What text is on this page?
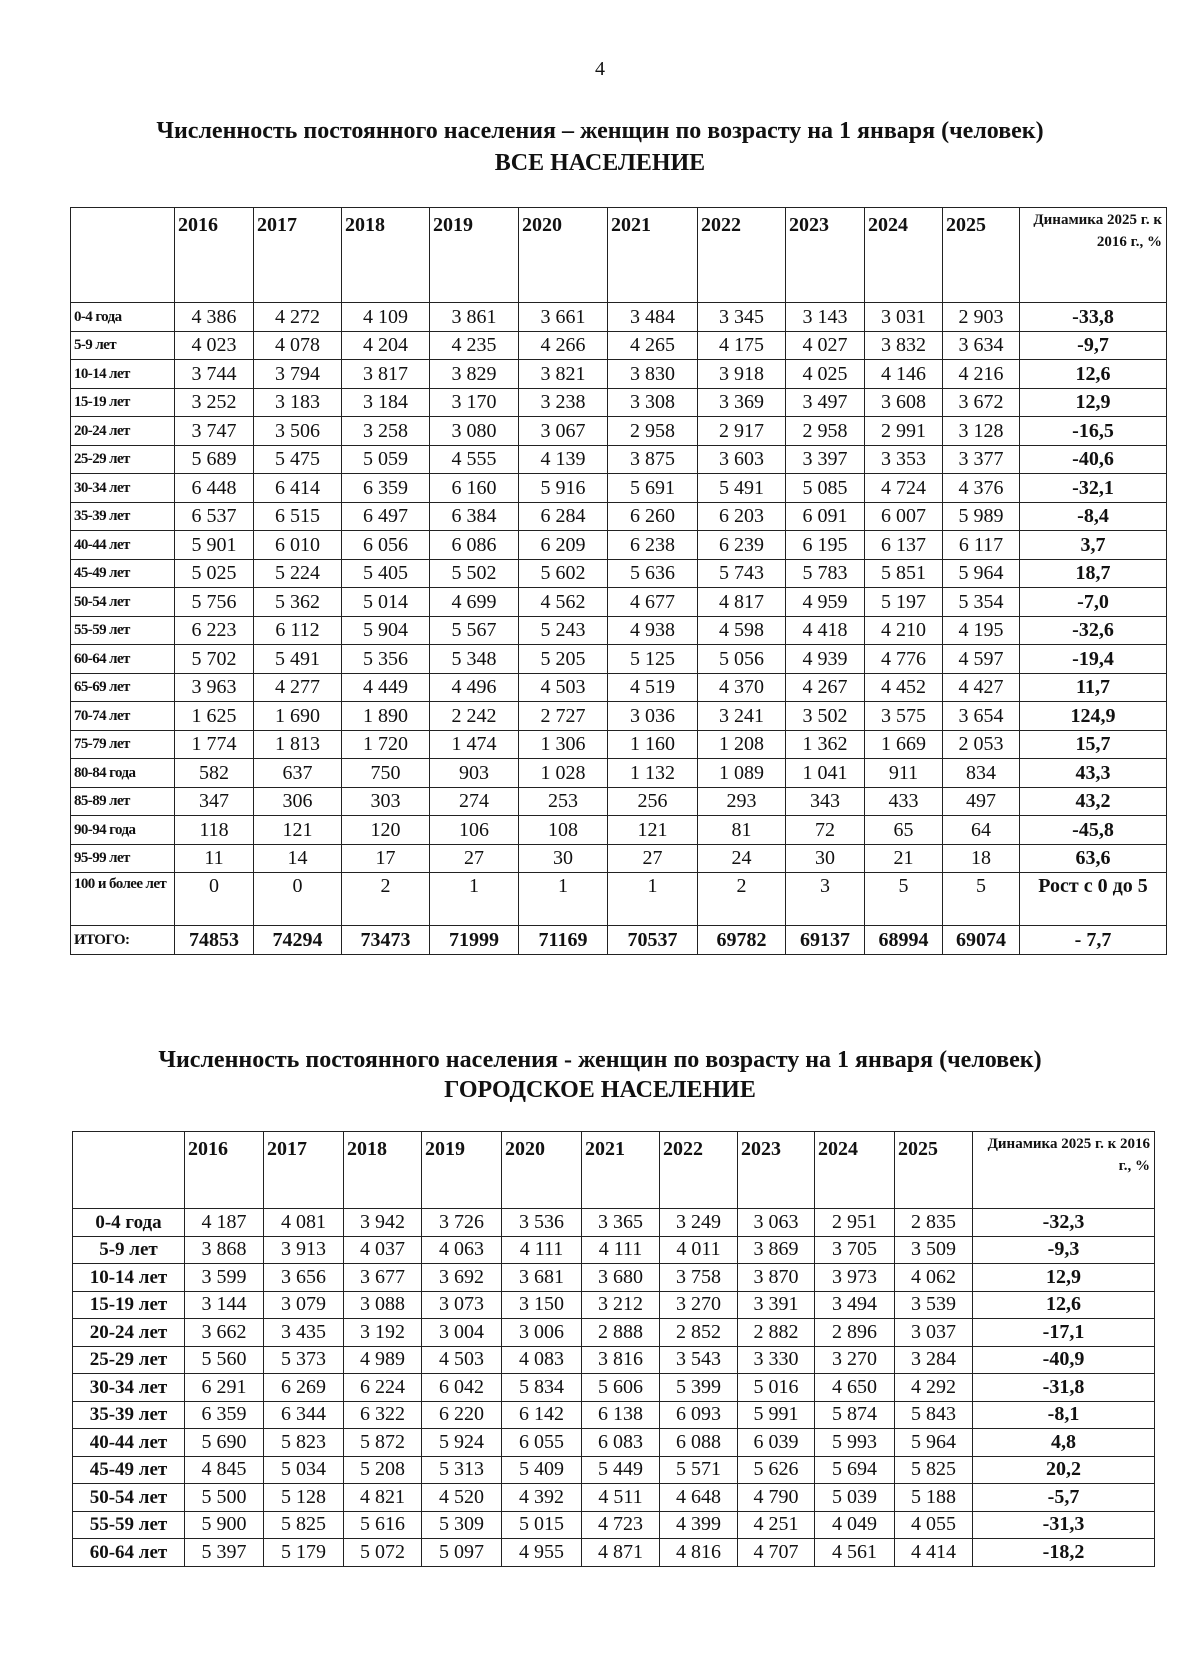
4
Численность постоянного населения – женщин по возрасту на 1 января (человек)
ВСЕ НАСЕЛЕНИЕ
	2016	2017	2018	2019	2020	2021	2022	2023	2024	2025	Динамика 2025 г. к 2016 г., %
0-4 года	4 386	4 272	4 109	3 861	3 661	3 484	3 345	3 143	3 031	2 903	-33,8
5-9 лет	4 023	4 078	4 204	4 235	4 266	4 265	4 175	4 027	3 832	3 634	-9,7
10-14 лет	3 744	3 794	3 817	3 829	3 821	3 830	3 918	4 025	4 146	4 216	12,6
15-19 лет	3 252	3 183	3 184	3 170	3 238	3 308	3 369	3 497	3 608	3 672	12,9
20-24 лет	3 747	3 506	3 258	3 080	3 067	2 958	2 917	2 958	2 991	3 128	-16,5
25-29 лет	5 689	5 475	5 059	4 555	4 139	3 875	3 603	3 397	3 353	3 377	-40,6
30-34 лет	6 448	6 414	6 359	6 160	5 916	5 691	5 491	5 085	4 724	4 376	-32,1
35-39 лет	6 537	6 515	6 497	6 384	6 284	6 260	6 203	6 091	6 007	5 989	-8,4
40-44 лет	5 901	6 010	6 056	6 086	6 209	6 238	6 239	6 195	6 137	6 117	3,7
45-49 лет	5 025	5 224	5 405	5 502	5 602	5 636	5 743	5 783	5 851	5 964	18,7
50-54 лет	5 756	5 362	5 014	4 699	4 562	4 677	4 817	4 959	5 197	5 354	-7,0
55-59 лет	6 223	6 112	5 904	5 567	5 243	4 938	4 598	4 418	4 210	4 195	-32,6
60-64 лет	5 702	5 491	5 356	5 348	5 205	5 125	5 056	4 939	4 776	4 597	-19,4
65-69 лет	3 963	4 277	4 449	4 496	4 503	4 519	4 370	4 267	4 452	4 427	11,7
70-74 лет	1 625	1 690	1 890	2 242	2 727	3 036	3 241	3 502	3 575	3 654	124,9
75-79 лет	1 774	1 813	1 720	1 474	1 306	1 160	1 208	1 362	1 669	2 053	15,7
80-84 года	582	637	750	903	1 028	1 132	1 089	1 041	911	834	43,3
85-89 лет	347	306	303	274	253	256	293	343	433	497	43,2
90-94 года	118	121	120	106	108	121	81	72	65	64	-45,8
95-99 лет	11	14	17	27	30	27	24	30	21	18	63,6
100 и более лет	0	0	2	1	1	1	2	3	5	5	Рост с 0 до 5
ИТОГО:	74853	74294	73473	71999	71169	70537	69782	69137	68994	69074	- 7,7
Численность постоянного населения - женщин по возрасту на 1 января (человек)
ГОРОДСКОЕ НАСЕЛЕНИЕ
	2016	2017	2018	2019	2020	2021	2022	2023	2024	2025	Динамика 2025 г. к 2016 г., %
0-4 года	4 187	4 081	3 942	3 726	3 536	3 365	3 249	3 063	2 951	2 835	-32,3
5-9 лет	3 868	3 913	4 037	4 063	4 111	4 111	4 011	3 869	3 705	3 509	-9,3
10-14 лет	3 599	3 656	3 677	3 692	3 681	3 680	3 758	3 870	3 973	4 062	12,9
15-19 лет	3 144	3 079	3 088	3 073	3 150	3 212	3 270	3 391	3 494	3 539	12,6
20-24 лет	3 662	3 435	3 192	3 004	3 006	2 888	2 852	2 882	2 896	3 037	-17,1
25-29 лет	5 560	5 373	4 989	4 503	4 083	3 816	3 543	3 330	3 270	3 284	-40,9
30-34 лет	6 291	6 269	6 224	6 042	5 834	5 606	5 399	5 016	4 650	4 292	-31,8
35-39 лет	6 359	6 344	6 322	6 220	6 142	6 138	6 093	5 991	5 874	5 843	-8,1
40-44 лет	5 690	5 823	5 872	5 924	6 055	6 083	6 088	6 039	5 993	5 964	4,8
45-49 лет	4 845	5 034	5 208	5 313	5 409	5 449	5 571	5 626	5 694	5 825	20,2
50-54 лет	5 500	5 128	4 821	4 520	4 392	4 511	4 648	4 790	5 039	5 188	-5,7
55-59 лет	5 900	5 825	5 616	5 309	5 015	4 723	4 399	4 251	4 049	4 055	-31,3
60-64 лет	5 397	5 179	5 072	5 097	4 955	4 871	4 816	4 707	4 561	4 414	-18,2
